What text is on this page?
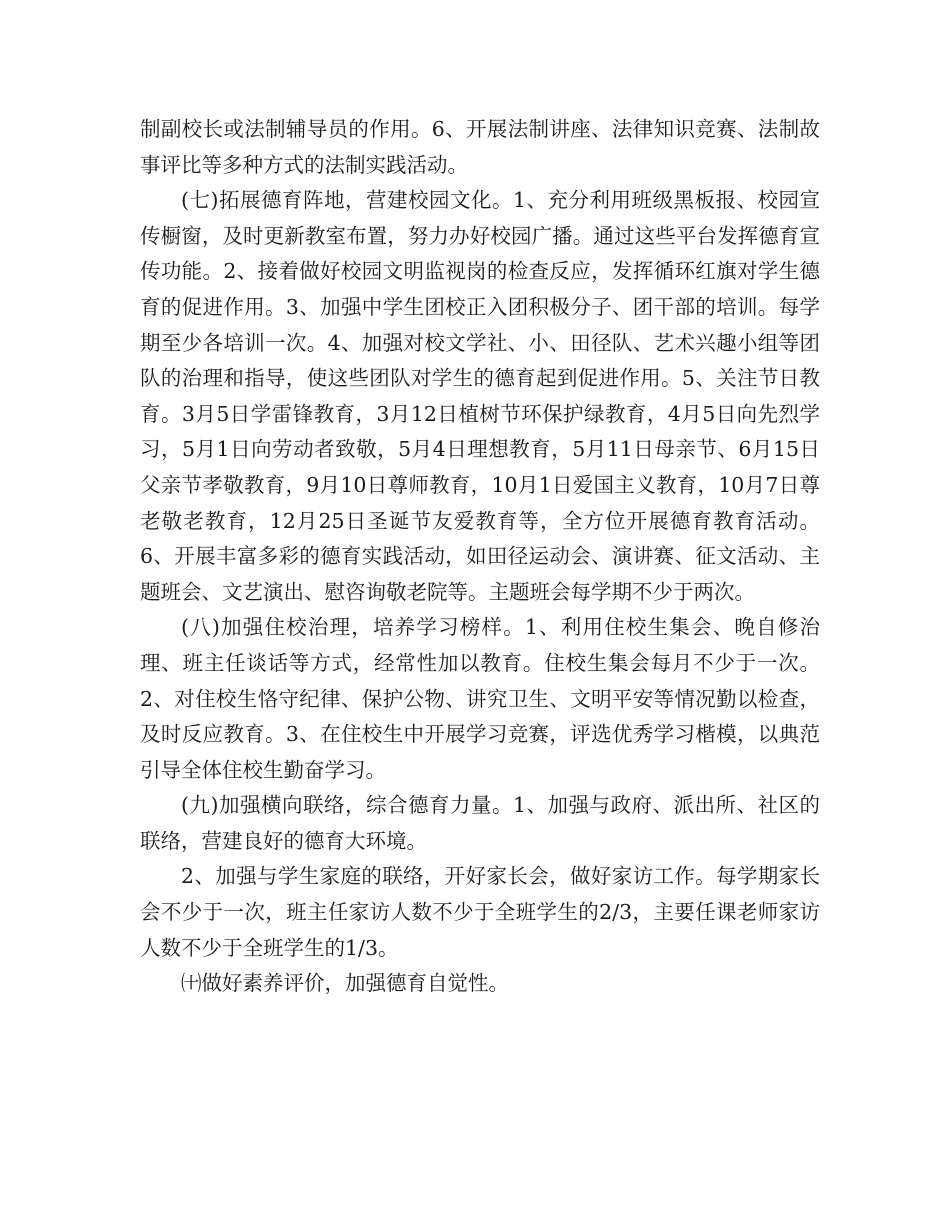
制副校长或法制辅导员的作用。6、开展法制讲座、法律知识竞赛、法制故事评比等多种方式的法制实践活动。

(七)拓展德育阵地，营建校园文化。1、充分利用班级黑板报、校园宣传橱窗，及时更新教室布置，努力办好校园广播。通过这些平台发挥德育宣传功能。2、接着做好校园文明监视岗的检查反应，发挥循环红旗对学生德育的促进作用。3、加强中学生团校正入团积极分子、团干部的培训。每学期至少各培训一次。4、加强对校文学社、小、田径队、艺术兴趣小组等团队的治理和指导，使这些团队对学生的德育起到促进作用。5、关注节日教育。3月5日学雷锋教育，3月12日植树节环保护绿教育，4月5日向先烈学习，5月1日向劳动者致敬，5月4日理想教育，5月11日母亲节、6月15日父亲节孝敬教育，9月10日尊师教育，10月1日爱国主义教育，10月7日尊老敬老教育，12月25日圣诞节友爱教育等，全方位开展德育教育活动。6、开展丰富多彩的德育实践活动，如田径运动会、演讲赛、征文活动、主题班会、文艺演出、慰咨询敬老院等。主题班会每学期不少于两次。

(八)加强住校治理，培养学习榜样。1、利用住校生集会、晚自修治理、班主任谈话等方式，经常性加以教育。住校生集会每月不少于一次。2、对住校生恪守纪律、保护公物、讲究卫生、文明平安等情况勤以检查，及时反应教育。3、在住校生中开展学习竞赛，评选优秀学习楷模，以典范引导全体住校生勤奋学习。

(九)加强横向联络，综合德育力量。1、加强与政府、派出所、社区的联络，营建良好的德育大环境。

2、加强与学生家庭的联络，开好家长会，做好家访工作。每学期家长会不少于一次，班主任家访人数不少于全班学生的2/3，主要任课老师家访人数不少于全班学生的1/3。

㈩做好素养评价，加强德育自觉性。
